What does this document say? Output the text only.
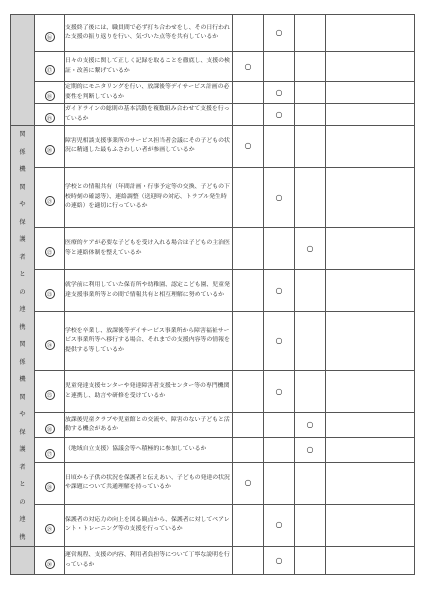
	⑯	支援終了後には、職員間で必ず打ち合わせをし、その日行われた支援の振り返りを行い、気づいた点等を共有しているか		○		
	⑰	日々の支援に関して正しく記録を取ることを徹底し、支援の検証・改善に繋げているか	○			
	⑱	定期的にモニタリングを行い、放課後等デイサービス計画の必要性を判断しているか		○		
	⑲	ガイドラインの総則の基本活動を複数組み合わせて支援を行っているか		○		
関係機関や保護者との連携関係機関や保護者との連携	⑳	障害児相談支援事業所のサービス担当者会議にその子どもの状況に精通した最もふさわしい者が参画しているか	○			
	㉑	学校との情報共有（年間計画・行事予定等の交換、子どもの下校時刻の確認等）、連絡調整（送迎時の対応、トラブル発生時の連絡）を適切に行っているか		○		
	㉒	医療的ケアが必要な子どもを受け入れる場合は子どもの主治医等と連絡体制を整えているか			○	
	㉓	就学前に利用していた保育所や幼稚園、認定こども園、児童発達支援事業所等との間で情報共有と相互理解に努めているか		○		
	㉔	学校を卒業し、放課後等デイサービス事業所から障害福祉サービス事業所等へ移行する場合、それまでの支援内容等の情報を提供する等しているか		○		
	㉕	児童発達支援センターや発達障害者支援センター等の専門機関と連携し、助言や研修を受けているか		○		
	㉖	放課後児童クラブや児童館との交流や、障害のない子どもと活動する機会があるか			○	
	㉗	（地域自立支援）協議会等へ積極的に参加しているか			○	
	㉘	日頃から子供の状況を保護者と伝えあい、子どもの発達の状況や課題について共通理解を持っているか	○			
	㉙	保護者の対応力の向上を図る観点から、保護者に対してペアレント・トレーニング等の支援を行っているか		○		
	㉚	運営規程、支援の内容、利用者負担等について丁寧な説明を行っているか		○		
